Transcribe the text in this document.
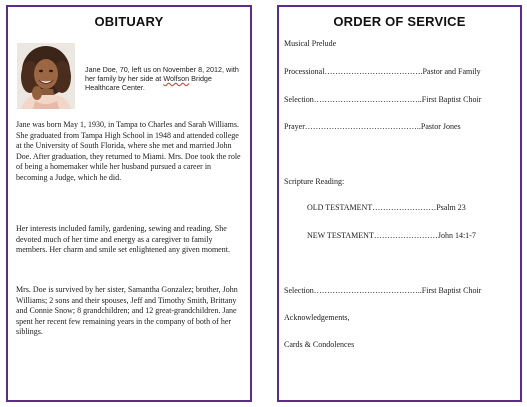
OBITUARY
Jane Doe, 70, left us on November 8, 2012, with her family by her side at Wolfson Bridge Healthcare Center.
Jane was born May 1, 1930, in Tampa to Charles and Sarah Williams. She graduated from Tampa High School in 1948 and attended college at the University of South Florida, where she met and married John Doe. After graduation, they returned to Miami. Mrs. Doe took the role of being a homemaker while her husband pursued a career in becoming a Judge, which he did.
Her interests included family, gardening, sewing and reading. She devoted much of her time and energy as a caregiver to family members. Her charm and smile set enlightened any given moment.
Mrs. Doe is survived by her sister, Samantha Gonzalez; brother, John Williams; 2 sons and their spouses, Jeff and Timothy Smith, Brittany and Connie Snow; 8 grandchildren; and 12 great-grandchildren. Jane spent her recent few remaining years in the company of both of her siblings.
ORDER OF SERVICE
Musical Prelude
Processional……………………………….Pastor and Family
Selection…………………………………..First Baptist Choir
Prayer……………………………………..Pastor Jones
Scripture Reading:
OLD TESTAMENT……………………Psalm 23
NEW TESTAMENT……………………John 14:1-7
Selection…………………………………..First Baptist Choir
Acknowledgements,
Cards & Condolences
